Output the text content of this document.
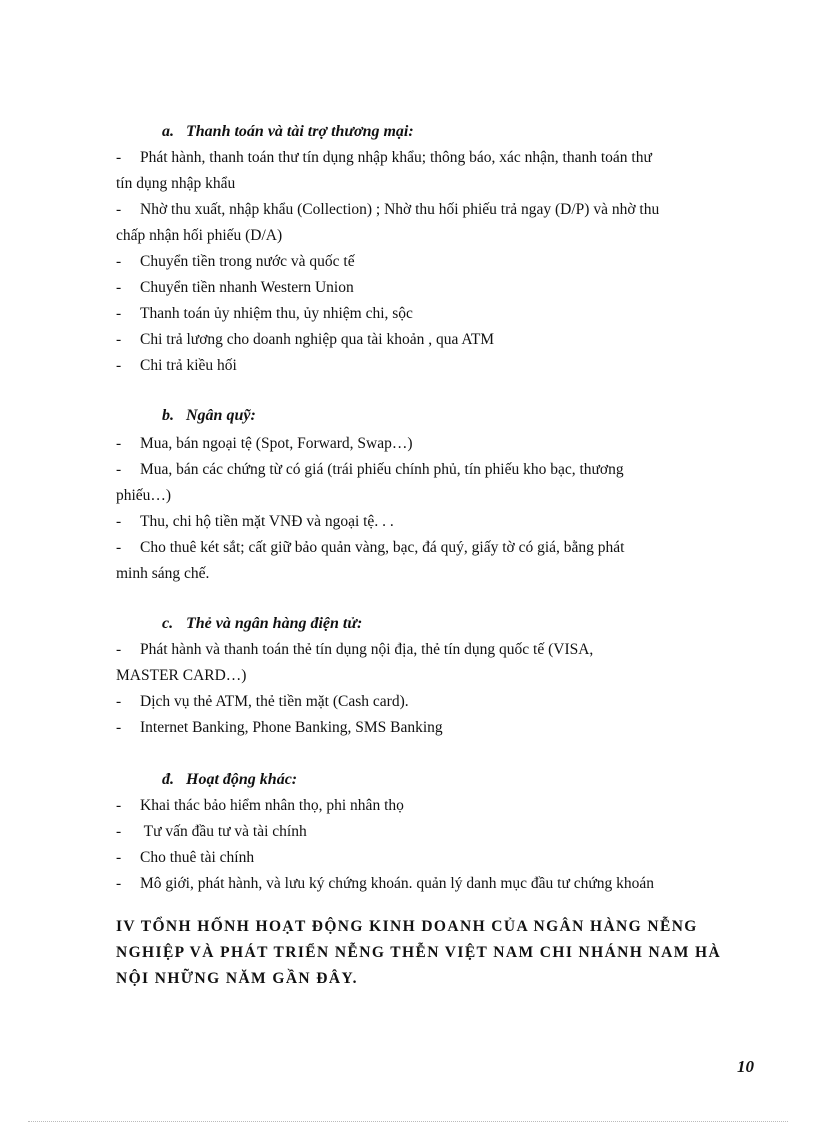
a. Thanh toán và tài trợ thương mại:
- Phát hành, thanh toán thư tín dụng nhập khẩu; thông báo, xác nhận, thanh toán thư
tín dụng nhập khẩu
- Nhờ thu xuất, nhập khẩu (Collection) ; Nhờ thu hối phiếu trả ngay (D/P) và nhờ thu
chấp nhận hối phiếu (D/A)
- Chuyển tiền trong nước và quốc tế
- Chuyển tiền nhanh Western Union
- Thanh toán ủy nhiệm thu, ủy nhiệm chi, sộc
- Chi trả lương cho doanh nghiệp qua tài khoản , qua ATM
- Chi trả kiều hối
b. Ngân quỹ:
- Mua, bán ngoại tệ (Spot, Forward, Swap…)
- Mua, bán các chứng từ có giá (trái phiếu chính phủ, tín phiếu kho bạc, thương
phiếu…)
- Thu, chi hộ tiền mặt VNĐ và ngoại tệ. . .
- Cho thuê két sắt; cất giữ bảo quản vàng, bạc, đá quý, giấy tờ có giá, bằng phát
minh sáng chế.
c. Thẻ và ngân hàng điện tử:
- Phát hành và thanh toán thẻ tín dụng nội địa, thẻ tín dụng quốc tế (VISA,
MASTER CARD…)
- Dịch vụ thẻ ATM, thẻ tiền mặt (Cash card).
- Internet Banking, Phone Banking, SMS Banking
đ. Hoạt động khác:
- Khai thác bảo hiểm nhân thọ, phi nhân thọ
- Tư vấn đầu tư và tài chính
- Cho thuê tài chính
- Mô giới, phát hành, và lưu ký chứng khoán. quản lý danh mục đầu tư chứng khoán
IV TỔNH HỐNH HOẠT ĐỘNG KINH DOANH CỦA NGÂN HÀNG NỄNG
NGHIỆP VÀ PHÁT TRIỂN NỄNG THỄN VIỆT NAM CHI NHÁNH NAM HÀ
NỘI NHỮNG NĂM GẦN ĐÂY.
10
